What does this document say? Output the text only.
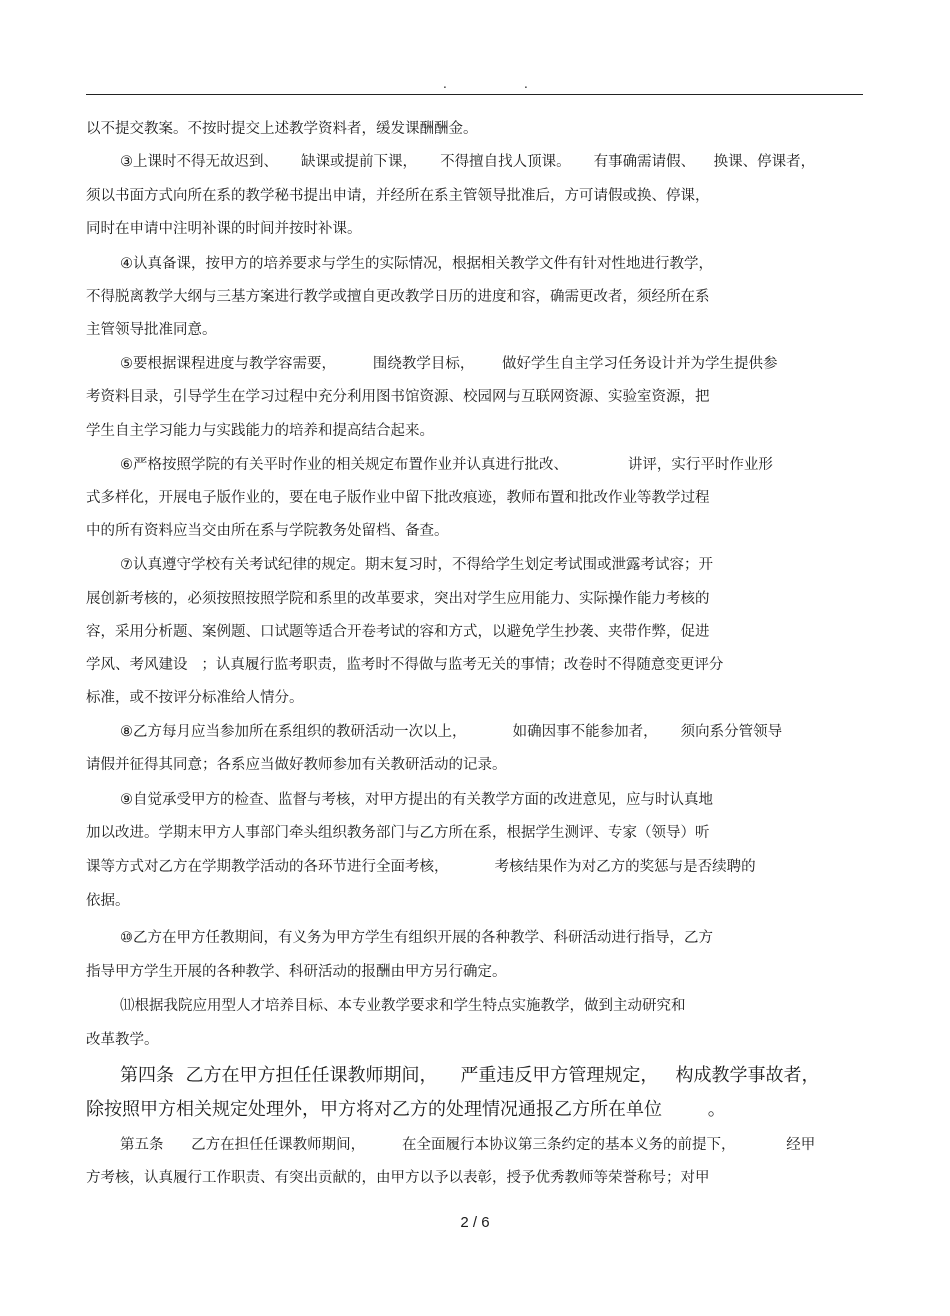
.	.
以不提交教案。不按时提交上述教学资料者，缓发课酬酬金。
③上课时不得无故迟到、     缺课或提前下课，     不得擅自找人顶课。     有事确需请假、    换课、停课者，
须以书面方式向所在系的教学秘书提出申请，并经所在系主管领导批准后，方可请假或换、停课，
同时在申请中注明补课的时间并按时补课。
④认真备课，按甲方的培养要求与学生的实际情况，根据相关教学文件有针对性地进行教学，
不得脱离教学大纲与三基方案进行教学或擅自更改教学日历的进度和容，确需更改者，须经所在系
主管领导批准同意。
⑤要根据课程进度与教学容需要，        围绕教学目标，      做好学生自主学习任务设计并为学生提供参
考资料目录，引导学生在学习过程中充分利用图书馆资源、校园网与互联网资源、实验室资源，把
学生自主学习能力与实践能力的培养和提高结合起来。
⑥严格按照学院的有关平时作业的相关规定布置作业并认真进行批改、             讲评，实行平时作业形
式多样化，开展电子版作业的，要在电子版作业中留下批改痕迹，教师布置和批改作业等教学过程
中的所有资料应当交由所在系与学院教务处留档、备查。
⑦认真遵守学校有关考试纪律的规定。期末复习时，不得给学生划定考试围或泄露考试容；开
展创新考核的，必须按照按照学院和系里的改革要求，突出对学生应用能力、实际操作能力考核的
容，采用分析题、案例题、口试题等适合开卷考试的容和方式，以避免学生抄袭、夹带作弊，促进
学风、考风建设   ；认真履行监考职责，监考时不得做与监考无关的事情；改卷时不得随意变更评分
标准，或不按评分标准给人情分。
⑧乙方每月应当参加所在系组织的教研活动一次以上，          如确因事不能参加者，     须向系分管领导
请假并征得其同意；各系应当做好教师参加有关教研活动的记录。
⑨自觉承受甲方的检查、监督与考核，对甲方提出的有关教学方面的改进意见，应与时认真地
加以改进。学期末甲方人事部门牵头组织教务部门与乙方所在系，根据学生测评、专家（领导）听
课等方式对乙方在学期教学活动的各环节进行全面考核，          考核结果作为对乙方的奖惩与是否续聘的
依据。
⑩乙方在甲方任教期间，有义务为甲方学生有组织开展的各种教学、科研活动进行指导，乙方
指导甲方学生开展的各种教学、科研活动的报酬由甲方另行确定。
⑾根据我院应用型人才培养目标、本专业教学要求和学生特点实施教学，做到主动研究和
改革教学。
第四条  乙方在甲方担任任课教师期间，    严重违反甲方管理规定，   构成教学事故者，
除按照甲方相关规定处理外，甲方将对乙方的处理情况通报乙方所在单位        。
第五条      乙方在担任任课教师期间，        在全面履行本协议第三条约定的基本义务的前提下，           经甲
方考核，认真履行工作职责、有突出贡献的，由甲方以予以表彰，授予优秀教师等荣誉称号；对甲
2 / 6
